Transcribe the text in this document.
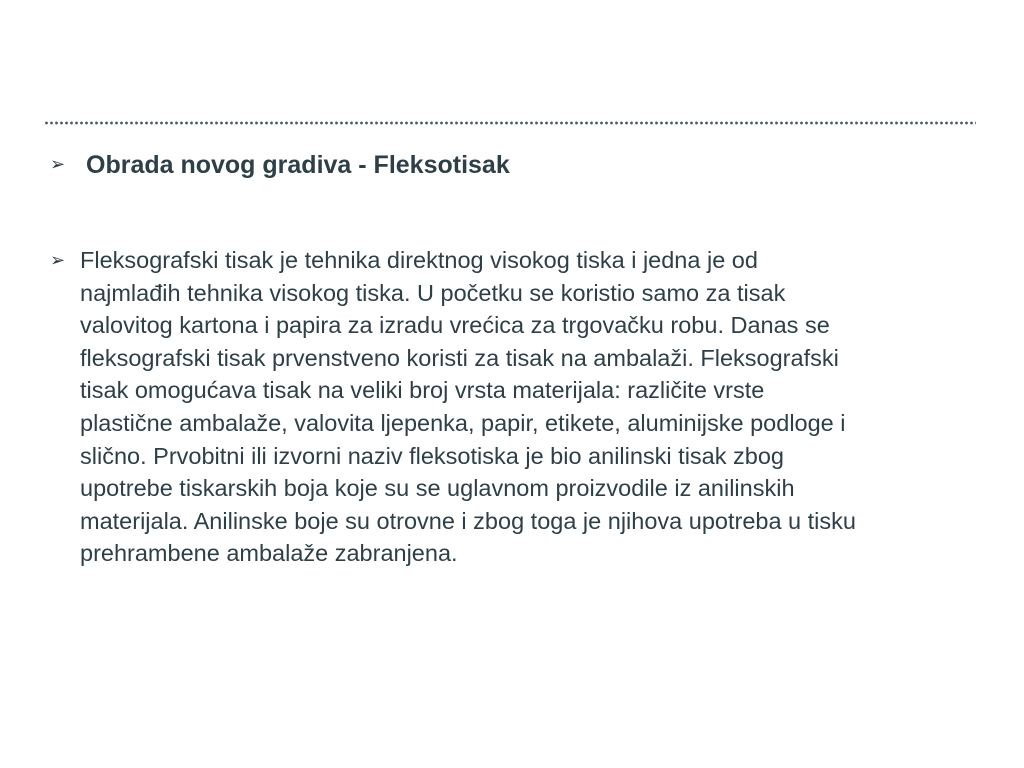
➢ Obrada novog gradiva - Fleksotisak
➢ Fleksografski tisak je tehnika direktnog visokog tiska i jedna je od
najmlađih tehnika visokog tiska. U početku se koristio samo za tisak
valovitog kartona i papira za izradu vrećica za trgovačku robu. Danas se
fleksografski tisak prvenstveno koristi za tisak na ambalaži. Fleksografski
tisak omogućava tisak na veliki broj vrsta materijala: različite vrste
plastične ambalaže, valovita ljepenka, papir, etikete, aluminijske podloge i
slično. Prvobitni ili izvorni naziv fleksotiska je bio anilinski tisak zbog
upotrebe tiskarskih boja koje su se uglavnom proizvodile iz anilinskih
materijala. Anilinske boje su otrovne i zbog toga je njihova upotreba u tisku
prehrambene ambalaže zabranjena.
